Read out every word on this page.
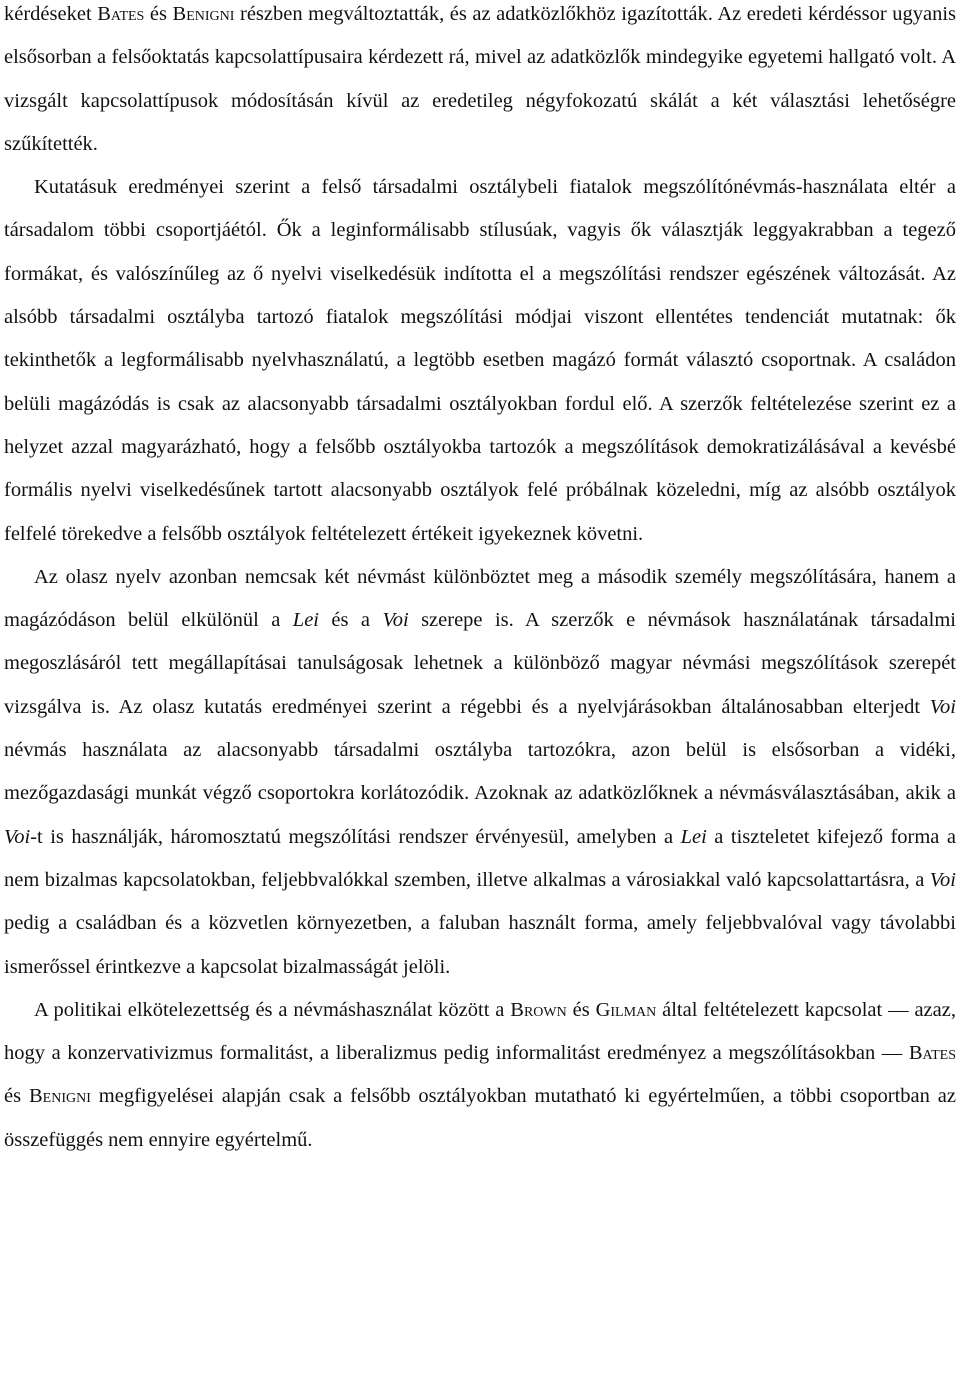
kérdéseket Bates és Benigni részben megváltoztatták, és az adatközlőkhöz igazították. Az eredeti kérdéssor ugyanis elsősorban a felsőoktatás kapcsolattípusaira kérdezett rá, mivel az adatközlők mindegyike egyetemi hallgató volt. A vizsgált kapcsolattípusok módosításán kívül az eredetileg négyfokozatú skálát a két választási lehetőségre szűkítették.

Kutatásuk eredményei szerint a felső társadalmi osztálybeli fiatalok megszólítónévmás-használata eltér a társadalom többi csoportjáétól. Ők a leginformálisabb stílusúak, vagyis ők választják leggyakrabban a tegező formákat, és valószínűleg az ő nyelvi viselkedésük indította el a megszólítási rendszer egészének változását. Az alsóbb társadalmi osztályba tartozó fiatalok megszólítási módjai viszont ellentétes tendenciát mutatnak: ők tekinthetők a legformálisabb nyelvhasználatú, a legtöbb esetben magázó formát választó csoportnak. A családon belüli magázódás is csak az alacsonyabb társadalmi osztályokban fordul elő. A szerzők feltételezése szerint ez a helyzet azzal magyarázható, hogy a felsőbb osztályokba tartozók a megszólítások demokratizálásával a kevésbé formális nyelvi viselkedésűnek tartott alacsonyabb osztályok felé próbálnak közeledni, míg az alsóbb osztályok felfelé törekedve a felsőbb osztályok feltételezett értékeit igyekeznek követni.

Az olasz nyelv azonban nemcsak két névmást különböztet meg a második személy megszólítására, hanem a magázódáson belül elkülönül a Lei és a Voi szerepe is. A szerzők e névmások használatának társadalmi megoszlásáról tett megállapításai tanulságosak lehetnek a különböző magyar névmási megszólítások szerepét vizsgálva is. Az olasz kutatás eredményei szerint a régebbi és a nyelvjárásokban általánosabban elterjedt Voi névmás használata az alacsonyabb társadalmi osztályba tartozókra, azon belül is elsősorban a vidéki, mezőgazdasági munkát végző csoportokra korlátozódik. Azoknak az adatközlőknek a névmásválasztásában, akik a Voi-t is használják, háromosztatú megszólítási rendszer érvényesül, amelyben a Lei a tiszteletet kifejező forma a nem bizalmas kapcsolatokban, feljebbvalókkal szemben, illetve alkalmas a városiakkal való kapcsolattartásra, a Voi pedig a családban és a közvetlen környezetben, a faluban használt forma, amely feljebbvalóval vagy távolabbi ismerőssel érintkezve a kapcsolat bizalmasságát jelöli.

A politikai elkötelezettség és a névmáshasználat között a Brown és Gilman által feltételezett kapcsolat — azaz, hogy a konzervativizmus formalitást, a liberalizmus pedig informalitást eredményez a megszólításokban — Bates és Benigni megfigyelései alapján csak a felsőbb osztályokban mutatható ki egyértelműen, a többi csoportban az összefüggés nem ennyire egyértelmű.
